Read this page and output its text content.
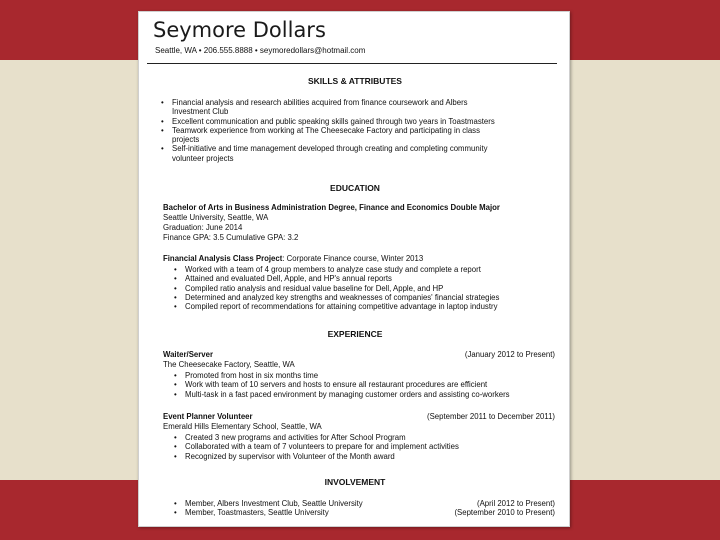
Seymore Dollars
Seattle, WA • 206.555.8888 • seymoredollars@hotmail.com
SKILLS & ATTRIBUTES
• Financial analysis and research abilities acquired from finance coursework and Albers
Investment Club
• Excellent communication and public speaking skills gained through two years in Toastmasters
• Teamwork experience from working at The Cheesecake Factory and participating in class
projects
• Self-initiative and time management developed through creating and completing community
volunteer projects
EDUCATION
Bachelor of Arts in Business Administration Degree, Finance and Economics Double Major
Seattle University, Seattle, WA
Graduation: June 2014
Finance GPA: 3.5 Cumulative GPA: 3.2
Financial Analysis Class Project: Corporate Finance course, Winter 2013
• Worked with a team of 4 group members to analyze case study and complete a report
• Attained and evaluated Dell, Apple, and HP's annual reports
• Compiled ratio analysis and residual value baseline for Dell, Apple, and HP
• Determined and analyzed key strengths and weaknesses of companies' financial strategies
• Compiled report of recommendations for attaining competitive advantage in laptop industry
EXPERIENCE
Waiter/Server	(January 2012 to Present)
The Cheesecake Factory, Seattle, WA
• Promoted from host in six months time
• Work with team of 10 servers and hosts to ensure all restaurant procedures are efficient
• Multi-task in a fast paced environment by managing customer orders and assisting co-workers
Event Planner Volunteer	(September 2011 to December 2011)
Emerald Hills Elementary School, Seattle, WA
• Created 3 new programs and activities for After School Program
• Collaborated with a team of 7 volunteers to prepare for and implement activities
• Recognized by supervisor with Volunteer of the Month award
INVOLVEMENT
• Member, Albers Investment Club, Seattle University
• Member, Toastmasters, Seattle University
(April 2012 to Present)
(September 2010 to Present)
